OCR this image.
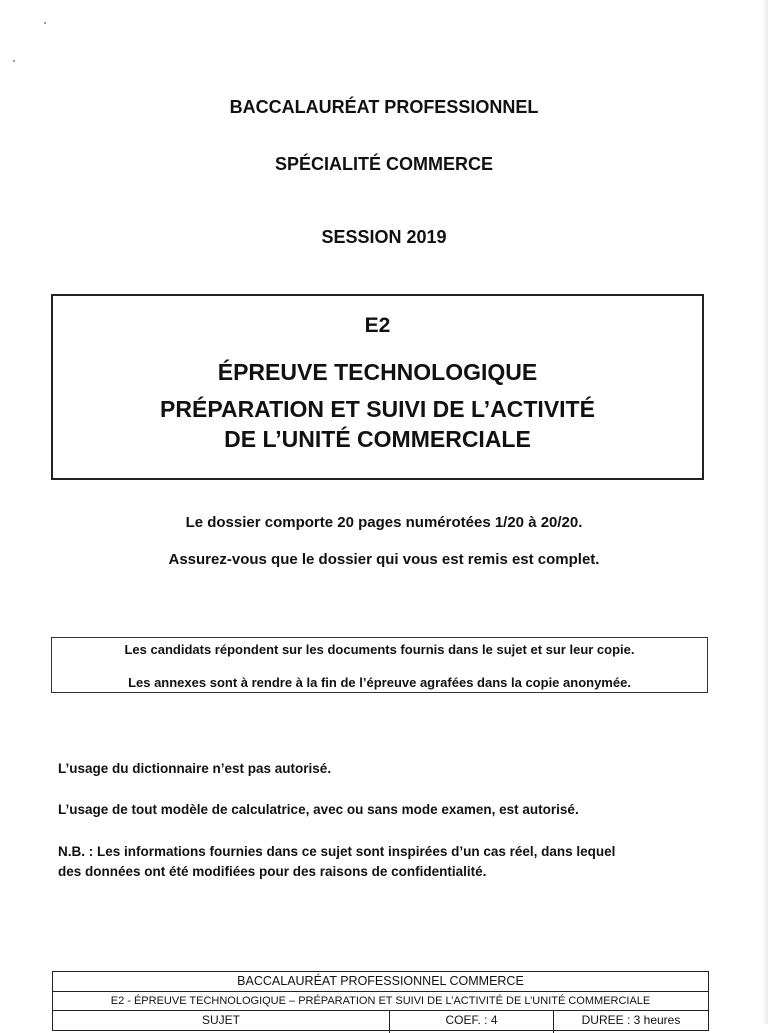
BACCALAURÉAT PROFESSIONNEL
SPÉCIALITÉ COMMERCE
SESSION 2019
E2
ÉPREUVE TECHNOLOGIQUE
PRÉPARATION ET SUIVI DE L’ACTIVITÉ
DE L’UNITÉ COMMERCIALE
Le dossier comporte 20 pages numérotées 1/20 à 20/20.
Assurez-vous que le dossier qui vous est remis est complet.
Les candidats répondent sur les documents fournis dans le sujet et sur leur copie.
Les annexes sont à rendre à la fin de l’épreuve agrafées dans la copie anonymée.
L’usage du dictionnaire n’est pas autorisé.
L’usage de tout modèle de calculatrice, avec ou sans mode examen, est autorisé.
N.B. : Les informations fournies dans ce sujet sont inspirées d’un cas réel, dans lequel
des données ont été modifiées pour des raisons de confidentialité.
BACCALAURÉAT PROFESSIONNEL COMMERCE
E2 - ÉPREUVE TECHNOLOGIQUE – PRÉPARATION ET SUIVI DE L’ACTIVITÉ DE L’UNITÉ COMMERCIALE
SUJET	COEF. : 4	DUREE : 3 heures
